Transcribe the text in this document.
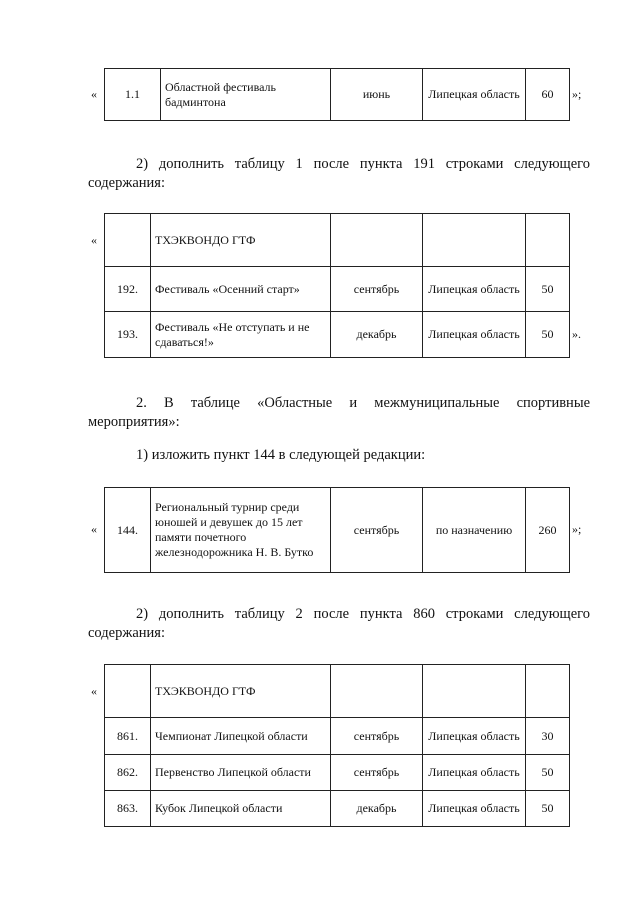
« 1.1	Областной фестиваль бадминтона	июнь	Липецкая область	60 »;
2) дополнить таблицу 1 после пункта 191 строками следующего
содержания:
«
		ТХЭКВОНДО ГТФ			
192.	Фестиваль «Осенний старт»	сентябрь	Липецкая область	50
193.	Фестиваль «Не отступать и не сдаваться!»	декабрь	Липецкая область	50 ».
2. В таблице «Областные и межмуниципальные спортивные
мероприятия»:
1) изложить пункт 144 в следующей редакции:
« 144.	Региональный турнир среди юношей и девушек до 15 лет памяти почетного железнодорожника Н. В. Бутко	сентябрь	по назначению	260 »;
2) дополнить таблицу 2 после пункта 860 строками следующего
содержания:
«
		ТХЭКВОНДО ГТФ			
861.	Чемпионат Липецкой области	сентябрь	Липецкая область	30
862.	Первенство Липецкой области	сентябрь	Липецкая область	50
863.	Кубок Липецкой области	декабрь	Липецкая область	50
